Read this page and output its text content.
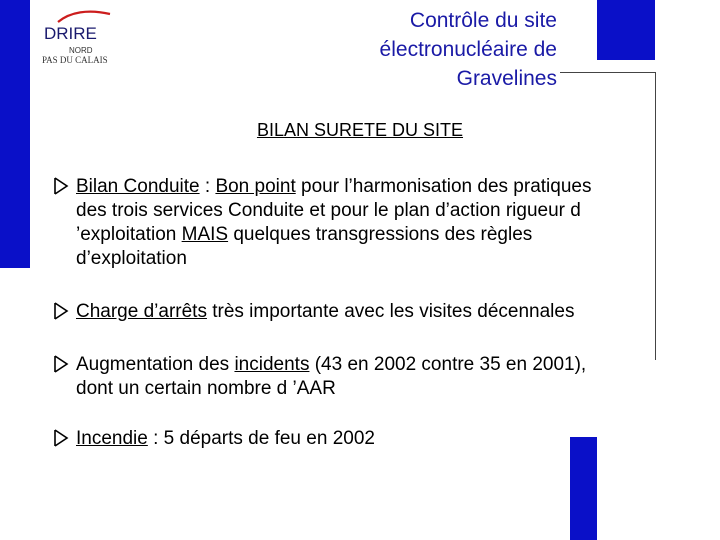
DRIRE
NORD
PAS DU CALAIS
Contrôle du site
électronucléaire de
Gravelines
BILAN SURETE DU SITE
Bilan Conduite : Bon point pour l’harmonisation des pratiques des trois services Conduite et pour le plan d’action rigueur d ’exploitation MAIS quelques transgressions des règles d’exploitation
Charge d’arrêts très importante avec les visites décennales
Augmentation des incidents (43 en 2002 contre 35 en 2001), dont un certain nombre d ’AAR
Incendie : 5 départs de feu en 2002
